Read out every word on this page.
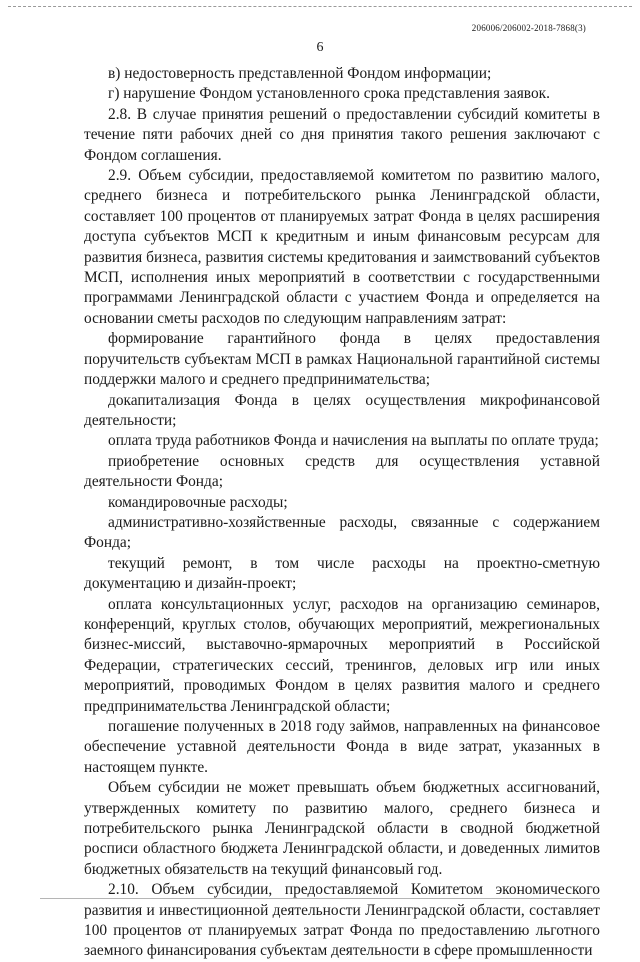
206006/206002-2018-7868(3)
6

в) недостоверность представленной Фондом информации;

г) нарушение Фондом установленного срока представления заявок.

2.8. В случае принятия решений о предоставлении субсидий комитеты в течение пяти рабочих дней со дня принятия такого решения заключают с Фондом соглашения.

2.9. Объем субсидии, предоставляемой комитетом по развитию малого, среднего бизнеса и потребительского рынка Ленинградской области, составляет 100 процентов от планируемых затрат Фонда в целях расширения доступа субъектов МСП к кредитным и иным финансовым ресурсам для развития бизнеса, развития системы кредитования и заимствований субъектов МСП, исполнения иных мероприятий в соответствии с государственными программами Ленинградской области с участием Фонда и определяется на основании сметы расходов по следующим направлениям затрат:

формирование гарантийного фонда в целях предоставления поручительств субъектам МСП в рамках Национальной гарантийной системы поддержки малого и среднего предпринимательства;

докапитализация Фонда в целях осуществления микрофинансовой деятельности;

оплата труда работников Фонда и начисления на выплаты по оплате труда;

приобретение основных средств для осуществления уставной деятельности Фонда;

командировочные расходы;

административно-хозяйственные расходы, связанные с содержанием Фонда;

текущий ремонт, в том числе расходы на проектно-сметную документацию и дизайн-проект;

оплата консультационных услуг, расходов на организацию семинаров, конференций, круглых столов, обучающих мероприятий, межрегиональных бизнес-миссий, выставочно-ярмарочных мероприятий в Российской Федерации, стратегических сессий, тренингов, деловых игр или иных мероприятий, проводимых Фондом в целях развития малого и среднего предпринимательства Ленинградской области;

погашение полученных в 2018 году займов, направленных на финансовое обеспечение уставной деятельности Фонда в виде затрат, указанных в настоящем пункте.

Объем субсидии не может превышать объем бюджетных ассигнований, утвержденных комитету по развитию малого, среднего бизнеса и потребительского рынка Ленинградской области в сводной бюджетной росписи областного бюджета Ленинградской области, и доведенных лимитов бюджетных обязательств на текущий финансовый год.

2.10. Объем субсидии, предоставляемой Комитетом экономического развития и инвестиционной деятельности Ленинградской области, составляет 100 процентов от планируемых затрат Фонда по предоставлению льготного заемного финансирования субъектам деятельности в сфере промышленности
